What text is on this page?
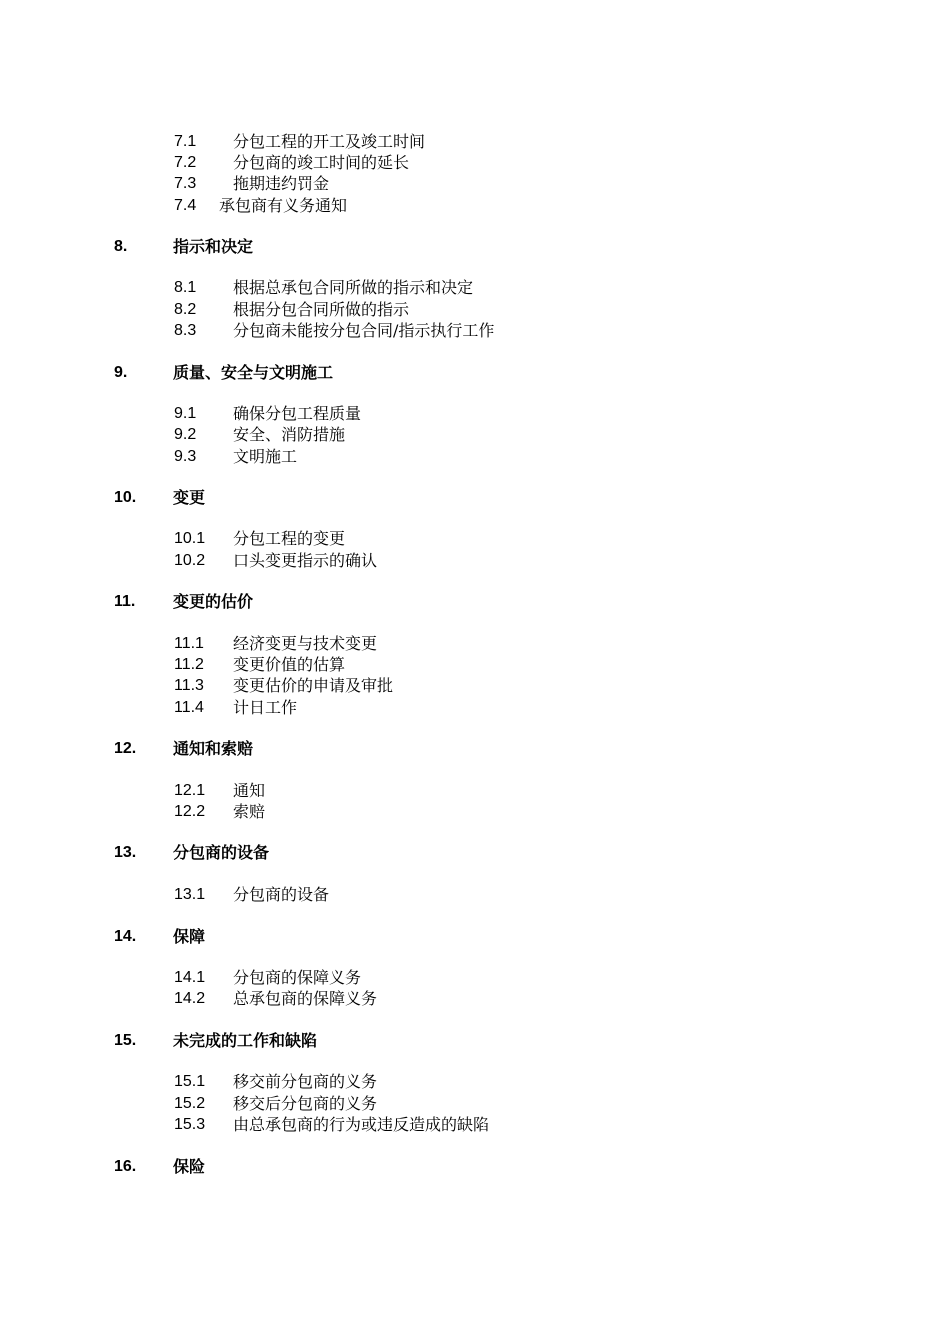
7.1 分包工程的开工及竣工时间
7.2 分包商的竣工时间的延长
7.3 拖期违约罚金
7.4 承包商有义务通知
8.	指示和决定
8.1 根据总承包合同所做的指示和决定
8.2 根据分包合同所做的指示
8.3 分包商未能按分包合同/指示执行工作
9.	质量、安全与文明施工
9.1 确保分包工程质量
9.2 安全、消防措施
9.3 文明施工
10. 变更
10.1 分包工程的变更
10.2 口头变更指示的确认
11. 变更的估价
11.1 经济变更与技术变更
11.2 变更价值的估算
11.3 变更估价的申请及审批
11.4 计日工作
12. 通知和索赔
12.1 通知
12.2 索赔
13. 分包商的设备
13.1 分包商的设备
14. 保障
14.1 分包商的保障义务
14.2 总承包商的保障义务
15. 未完成的工作和缺陷
15.1 移交前分包商的义务
15.2 移交后分包商的义务
15.3 由总承包商的行为或违反造成的缺陷
16. 保险
